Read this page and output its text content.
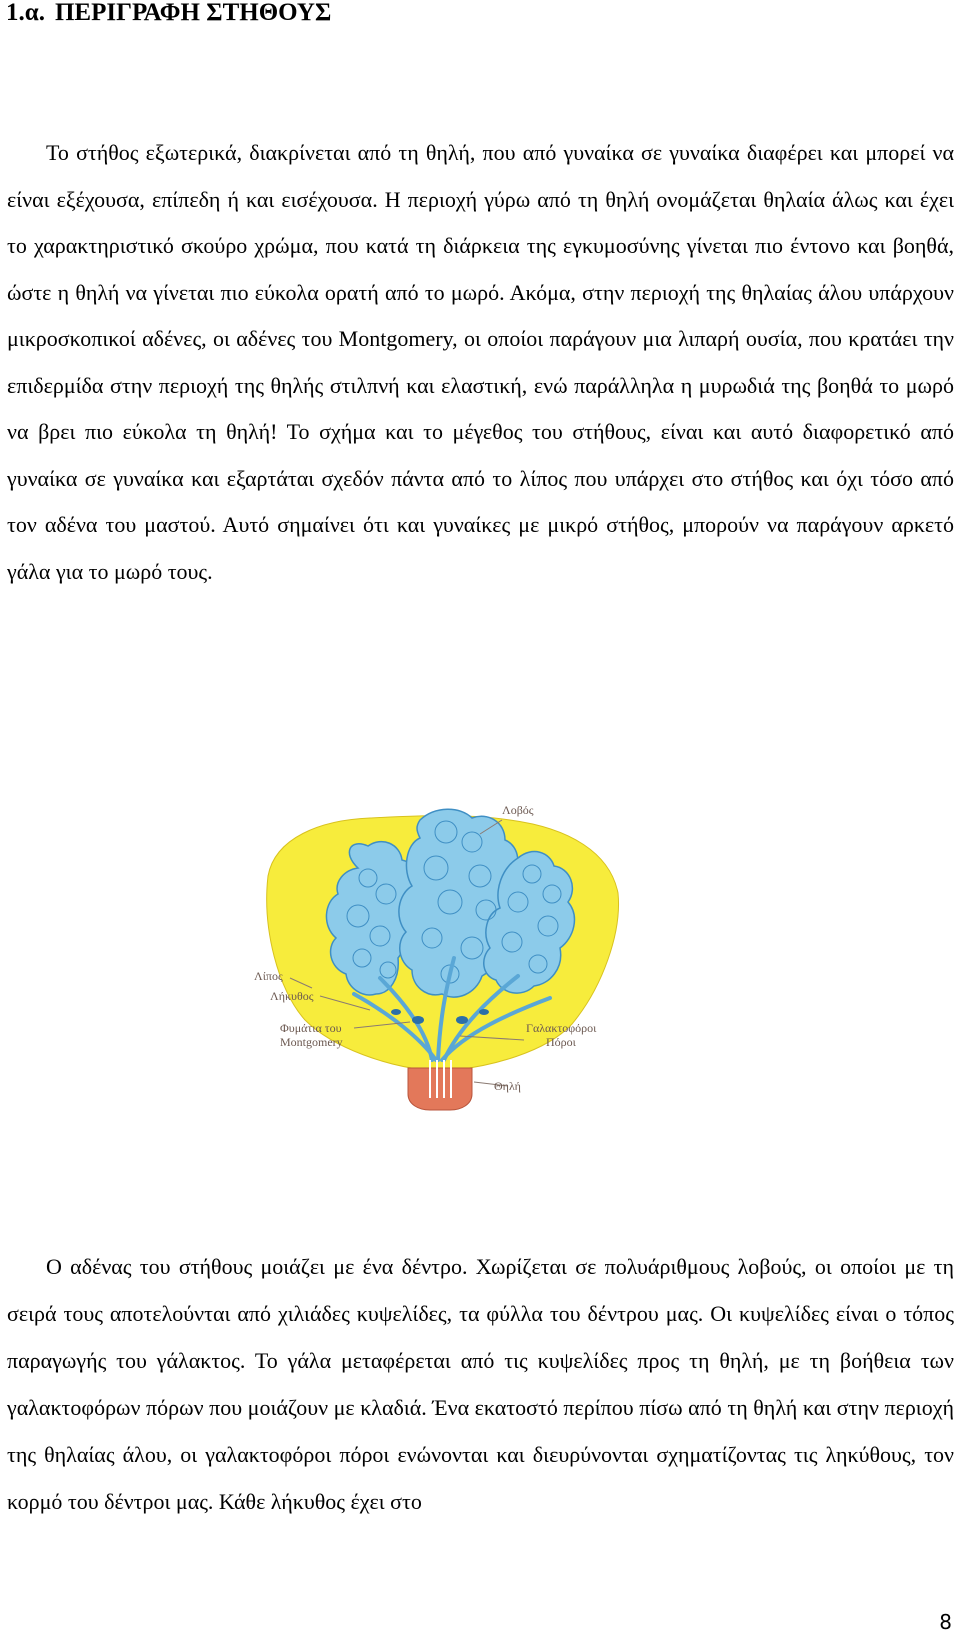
1.α. ΠΕΡΙΓΡΑΦΗ ΣΤΗΘΟΥΣ

Το στήθος εξωτερικά, διακρίνεται από τη θηλή, που από γυναίκα σε γυναίκα διαφέρει και μπορεί να είναι εξέχουσα, επίπεδη ή και εισέχουσα. Η περιοχή γύρω από τη θηλή ονομάζεται θηλαία άλως και έχει το χαρακτηριστικό σκούρο χρώμα, που κατά τη διάρκεια της εγκυμοσύνης γίνεται πιο έντονο και βοηθά, ώστε η θηλή να γίνεται πιο εύκολα ορατή από το μωρό. Ακόμα, στην περιοχή της θηλαίας άλου υπάρχουν μικροσκοπικοί αδένες, οι αδένες του Montgomery, οι οποίοι παράγουν μια λιπαρή ουσία, που κρατάει την επιδερμίδα στην περιοχή της θηλής στιλπνή και ελαστική, ενώ παράλληλα η μυρωδιά της βοηθά το μωρό να βρει πιο εύκολα τη θηλή! Το σχήμα και το μέγεθος του στήθους, είναι και αυτό διαφορετικό από γυναίκα σε γυναίκα και εξαρτάται σχεδόν πάντα από το λίπος που υπάρχει στο στήθος και όχι τόσο από τον αδένα του μαστού. Αυτό σημαίνει ότι και γυναίκες με μικρό στήθος, μπορούν να παράγουν αρκετό γάλα για το μωρό τους.

Λοβός
Λίπος
Λήκυθος
Φυμάτια του
Montgomery
Γαλακτοφόροι
Πόροι
Θηλή

Ο αδένας του στήθους μοιάζει με ένα δέντρο. Χωρίζεται σε πολυάριθμους λοβούς, οι οποίοι με τη σειρά τους αποτελούνται από χιλιάδες κυψελίδες, τα φύλλα του δέντρου μας. Οι κυψελίδες είναι ο τόπος παραγωγής του γάλακτος. Το γάλα μεταφέρεται από τις κυψελίδες προς τη θηλή, με τη βοήθεια των γαλακτοφόρων πόρων που μοιάζουν με κλαδιά. Ένα εκατοστό περίπου πίσω από τη θηλή και στην περιοχή της θηλαίας άλου, οι γαλακτοφόροι πόροι ενώνονται και διευρύνονται σχηματίζοντας τις ληκύθους, τον κορμό του δέντροι μας. Κάθε λήκυθος έχει στο

8
